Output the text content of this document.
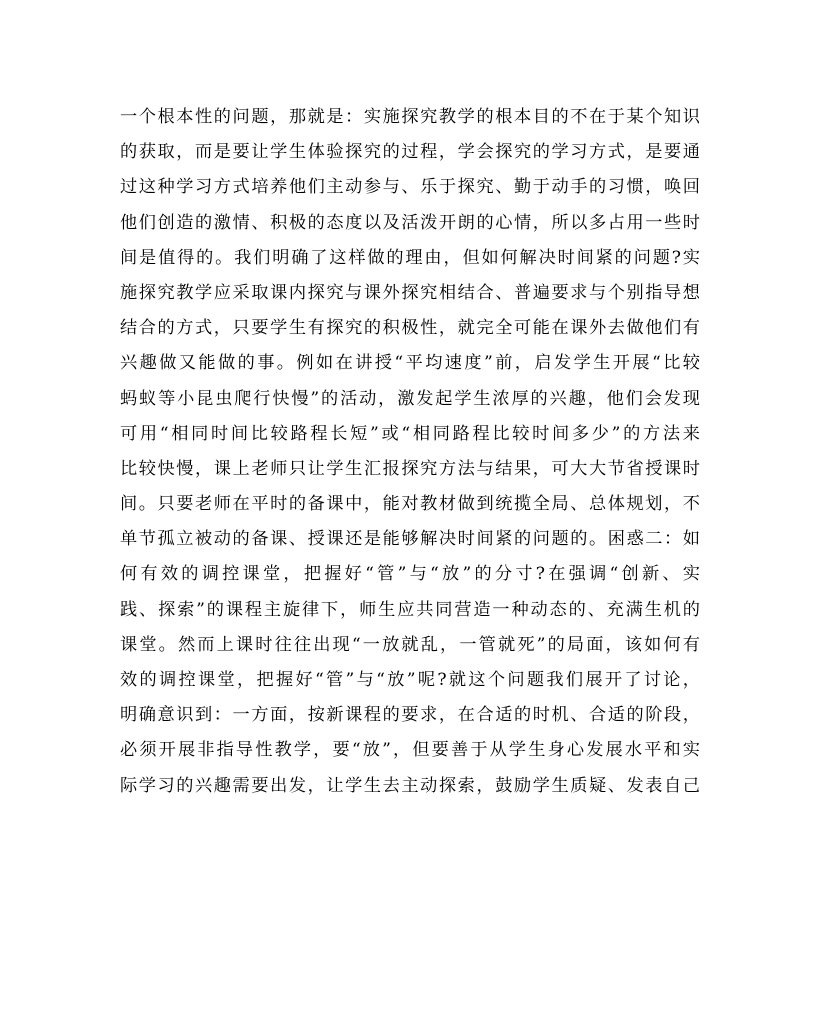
一个根本性的问题，那就是：实施探究教学的根本目的不在于某个知识
的获取，而是要让学生体验探究的过程，学会探究的学习方式，是要通
过这种学习方式培养他们主动参与、乐于探究、勤于动手的习惯，唤回
他们创造的激情、积极的态度以及活泼开朗的心情，所以多占用一些时
间是值得的。我们明确了这样做的理由，但如何解决时间紧的问题?实
施探究教学应采取课内探究与课外探究相结合、普遍要求与个别指导想
结合的方式，只要学生有探究的积极性，就完全可能在课外去做他们有
兴趣做又能做的事。例如在讲授“平均速度”前，启发学生开展“比较
蚂蚁等小昆虫爬行快慢”的活动，激发起学生浓厚的兴趣，他们会发现
可用“相同时间比较路程长短”或“相同路程比较时间多少”的方法来
比较快慢，课上老师只让学生汇报探究方法与结果，可大大节省授课时
间。只要老师在平时的备课中，能对教材做到统揽全局、总体规划，不
单节孤立被动的备课、授课还是能够解决时间紧的问题的。困惑二：如
何有效的调控课堂，把握好“管”与“放”的分寸?在强调“创新、实
践、探索”的课程主旋律下，师生应共同营造一种动态的、充满生机的
课堂。然而上课时往往出现“一放就乱，一管就死”的局面，该如何有
效的调控课堂，把握好“管”与“放”呢?就这个问题我们展开了讨论，
明确意识到：一方面，按新课程的要求，在合适的时机、合适的阶段，
必须开展非指导性教学，要“放”，但要善于从学生身心发展水平和实
际学习的兴趣需要出发，让学生去主动探索，鼓励学生质疑、发表自己
